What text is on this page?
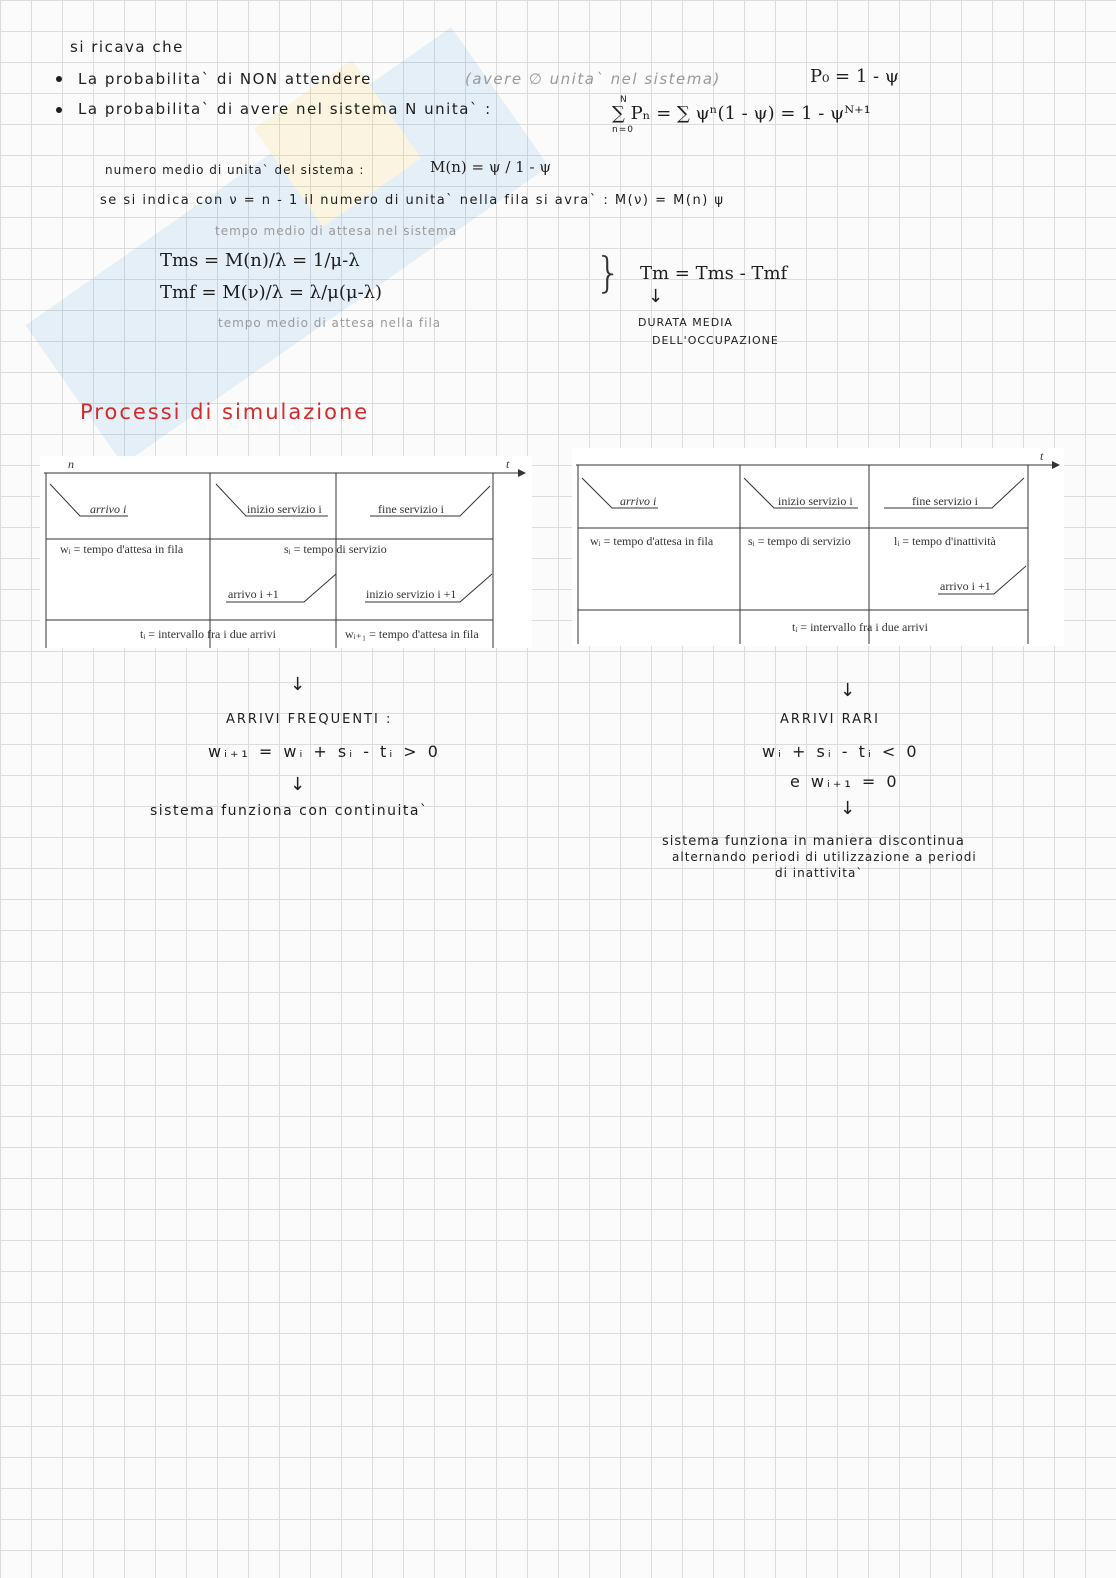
si ricava che
La probabilita` di NON attendere	(avere ∅ unita` nel sistema)	P₀ = 1 - ψ
La probabilita` di avere nel sistema N unita` :	N
∑ Pₙ = ∑ ψⁿ(1 - ψ) = 1 - ψᴺ⁺¹
n=0
numero medio di unita` del sistema :	M(n) = ψ / 1 - ψ
se si indica con ν = n - 1 il numero di unita` nella fila si avra` : M(ν) = M(n) ψ
tempo medio di attesa nel sistema
Tms = M(n)/λ = 1/μ-λ
Tmf = M(ν)/λ = λ/μ(μ-λ)
tempo medio di attesa nella fila
} Tm = Tms - Tmf
↓
DURATA MEDIA
DELL'OCCUPAZIONE
Processi di simulazione
t
n
arrivo i	inizio servizio i	fine servizio i
wᵢ = tempo d'attesa in fila	sᵢ = tempo di servizio
arrivo i +1	inizio servizio i +1
tᵢ = intervallo fra i due arrivi	wᵢ₊₁ = tempo d'attesa in fila
t
arrivo i	inizio servizio i	fine servizio i
wᵢ = tempo d'attesa in fila	sᵢ = tempo di servizio	lᵢ = tempo d'inattività
arrivo i +1
tᵢ = intervallo fra i due arrivi
↓
ARRIVI FREQUENTI :
wᵢ₊₁ = wᵢ + sᵢ - tᵢ > 0
↓
sistema funziona con continuita`
↓
ARRIVI RARI
wᵢ + sᵢ - tᵢ < 0
e wᵢ₊₁ = 0
↓
sistema funziona in maniera discontinua
alternando periodi di utilizzazione a periodi
di inattivita`
